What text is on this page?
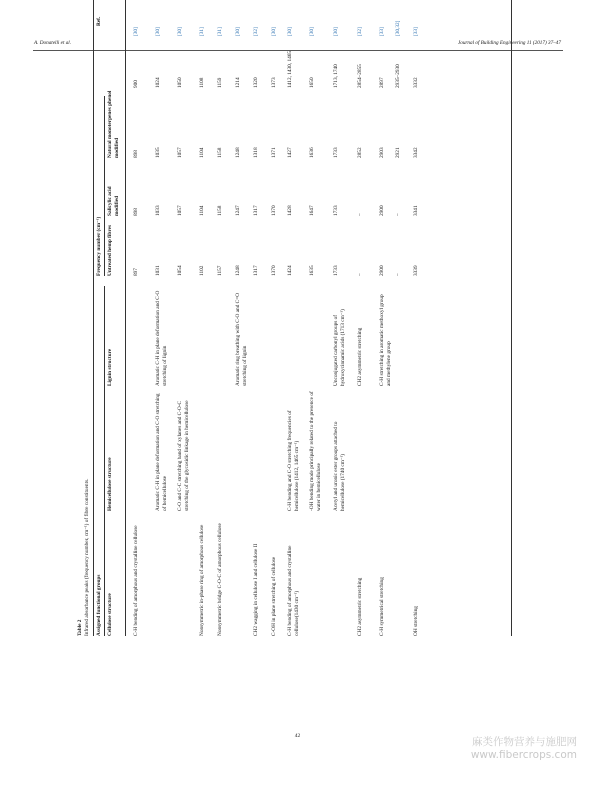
A. Donatelli et al.	Journal of Building Engineering 11 (2017) 37–47
Table 2
Infrared absorbance peaks (frequency number, cm⁻¹) of fibre constituents. Assigned functional groups
Frequency number (cm⁻¹)
Ref.
Cellulose structure
Hemicellulose structure
Lignin structure
Untreated hemp fibres
Salicylic acid modified
Natural monoterpenes phenol modified
C-H bending of amorphous and crystalline cellulose
897
898
898
900
[30]
Aromatic C-H in plane deformation and C-O stretching of hemicellulose
Aromatic C-H in plane deformation and C-O stretching of lignin
1031
1033
1035
1024
[30]
C-O and C-C stretching band of xylanes and C-O-C stretching of the glycosidic linkage in hemicellulose
1054
1057
1057
1050
[30]
Nonsymmetric in-phase ring of amorphous cellulose
1102
1104
1104
1108
[31]
Nonsymmetric bridge C-O-C of amorphous cellulose
1157
1158
1158
1159
[31]
Aromatic ring breathing with C-O and C=O stretching of lignin
1248
1247
1248
1214
[30]
CH2 wagging in cellulose I and cellulose II
1317
1317
1318
1320
[32]
C-OH in plane stretching of cellulose
1370
1370
1371
1373
[30]
C-H bending of amorphous and crystalline cellulose(1430 cm⁻¹)
C-H bending and C-O stretching frequencies of hemicellulose (1412, 1465 cm⁻¹)
1424
1428
1427
1412, 1430, 1465
[30]
-OH bending mode principally related to the presence of water in hemicellulose
1635
1647
1636
1650
[30]
Acetyl and uronic ester groups attached to hemicellulose (1740 cm⁻¹)
Unconjugated carbonyl groups of hydroxycinnamic acids (1713 cm⁻¹)
1733
1733
1733
1713, 1740
[30]
CH2 asymmetric stretching
CH2 asymmetric stretching
–
–
2852
2854–2855
[32]
C-H symmetrical stretching
C-H stretching in aromatic methoxyl group and methylene group
2900
2900
2903
2897
[33]
–
–
2921
2935–2930
[30,32]
OH stretching
3339
3341
3342
3332
[33]
42	麻类作物营养与施肥网
www.fibercrops.com
